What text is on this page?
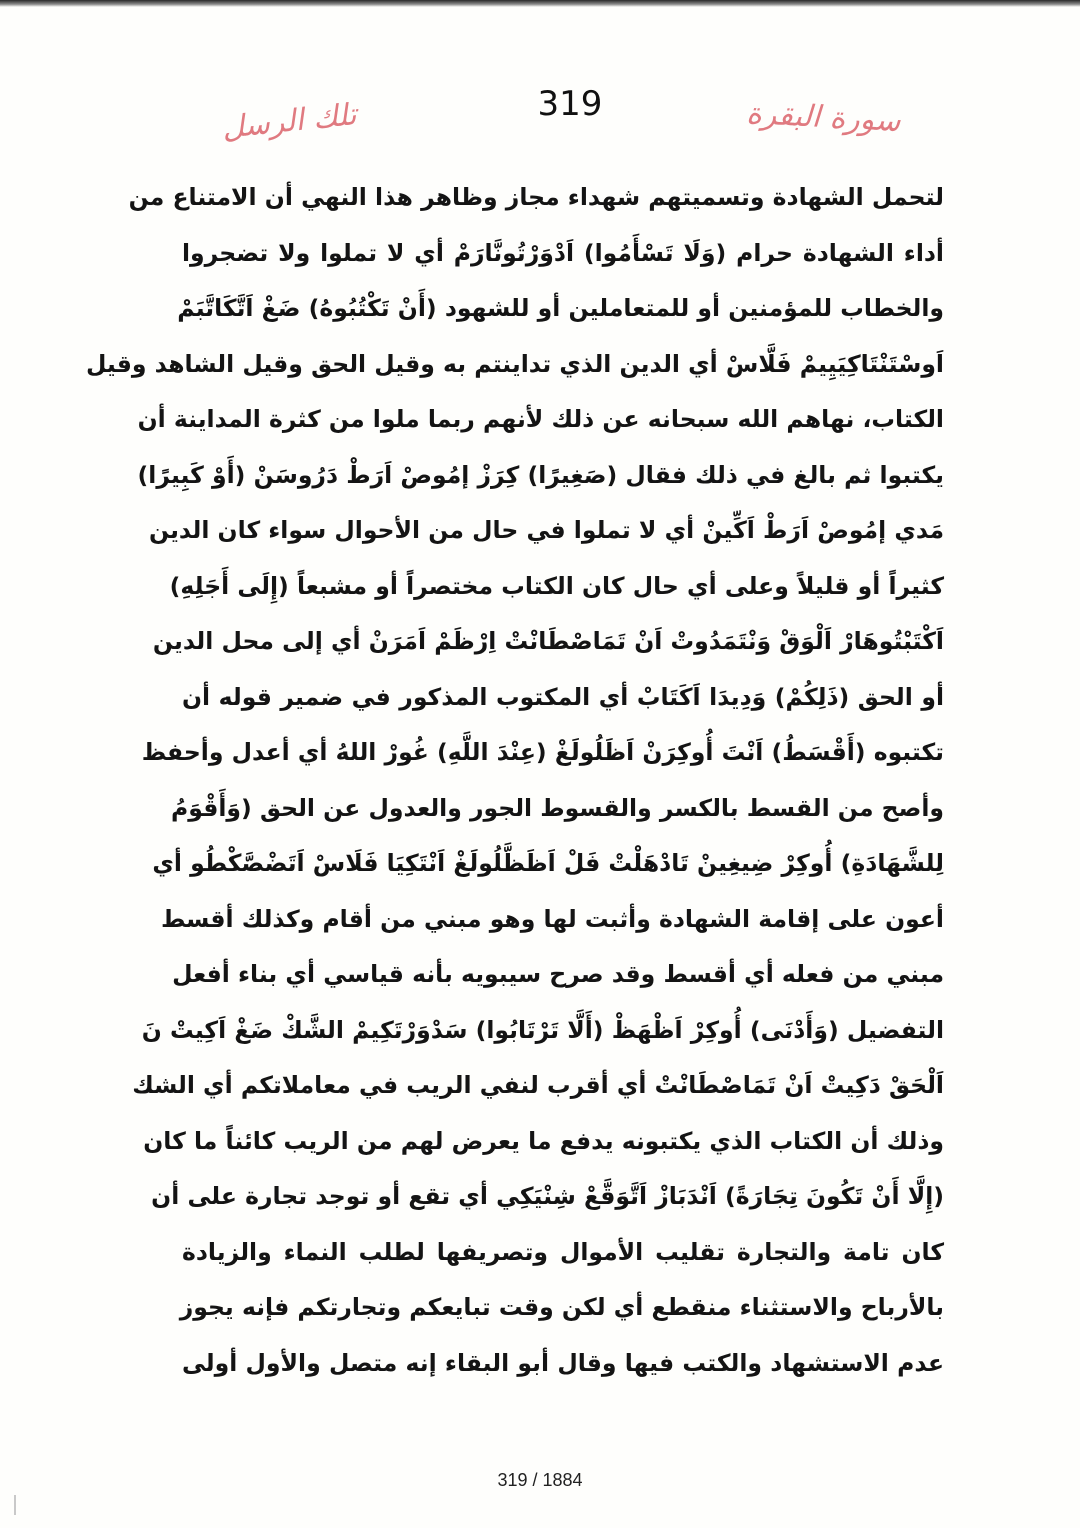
تلك الرسل	319	سورة البقرة
لتحمل الشهادة وتسميتهم شهداء مجاز وظاهر هذا النهي أن الامتناع من
أداء الشهادة حرام (وَلَا تَسْأَمُوا) اَدْوَرْتُونَّارَمْ أي لا تملوا ولا تضجروا
والخطاب للمؤمنين أو للمتعاملين أو للشهود (أَنْ تَكْتُبُوهُ) ضَغْ اَتَّكَاتَّبَمْ
اَوسْتَنْتَاكِيَيِيمْ فَلَّاسْ أي الدين الذي تداينتم به وقيل الحق وقيل الشاهد وقيل
الكتاب، نهاهم الله سبحانه عن ذلك لأنهم ربما ملوا من كثرة المداينة أن
يكتبوا ثم بالغ في ذلك فقال (صَغِيرًا) كِرَزْ إمُوصْ اَرَطْ دَرُوسَنْ (أَوْ كَبِيرًا)
مَدي إمُوصْ اَرَطْ اَكِّينْ أي لا تملوا في حال من الأحوال سواء كان الدين
كثيراً أو قليلاً وعلى أي حال كان الكتاب مختصراً أو مشبعاً (إِلَى أَجَلِهِ)
اَكْتَبْتُوهَارْ اَلْوَقْ وَنْتَمَدُوتْ اَنْ تَمَاصْطَانْتْ اِرْظَمْ اَمَرَنْ أي إلى محل الدين
أو الحق (ذَلِكُمْ) وَدِيدَا اَكَتَابْ أي المكتوب المذكور في ضمير قوله أن
تكتبوه (أَقْسَطُ) اَنْتَ أُوكِرَنْ اَظَلُولَغْ (عِنْدَ اللَّهِ) غُورْ اللهُ أي أعدل وأحفظ
وأصح من القسط بالكسر والقسوط الجور والعدول عن الحق (وَأَقْوَمُ
لِلشَّهَادَةِ) أُوكِرْ ضِيغِينْ تَادْهَلْتْ فَلْ اَظَظَّلُولَغْ اَنْتَكِيَا فَلَاسْ اَتَضْصَّكْطُو أي
أعون على إقامة الشهادة وأثبت لها وهو مبني من أقام وكذلك أقسط
مبني من فعله أي أقسط وقد صرح سيبويه بأنه قياسي أي بناء أفعل
التفضيل (وَأَدْنَى) أُوكِرْ اَظْهَظْ (أَلَّا تَرْتَابُوا) سَدْوَرْتَكِيمْ الشَّكْ ضَغْ اَكِيتْ نَ
اَلْحَقْ دَكِيتْ اَنْ تَمَاصْطَانْتْ أي أقرب لنفي الريب في معاملاتكم أي الشك
وذلك أن الكتاب الذي يكتبونه يدفع ما يعرض لهم من الريب كائناً ما كان
(إِلَّا أَنْ تَكُونَ تِجَارَةً) اَنْدَبَازْ اَتَّوَقَّعْ شِنْيَكِي أي تقع أو توجد تجارة على أن
كان تامة والتجارة تقليب الأموال وتصريفها لطلب النماء والزيادة
بالأرباح والاستثناء منقطع أي لكن وقت تبايعكم وتجارتكم فإنه يجوز
عدم الاستشهاد والكتب فيها وقال أبو البقاء إنه متصل والأول أولى
319 / 1884
